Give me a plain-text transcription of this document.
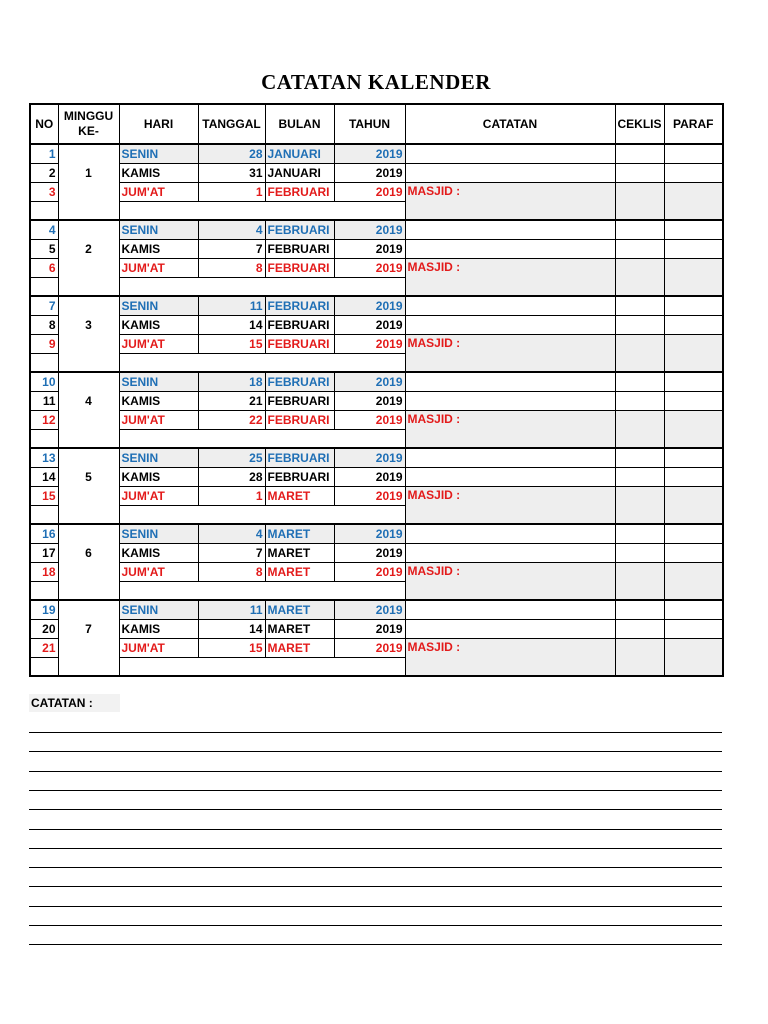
CATATAN KALENDER
NO	MINGGU KE-	HARI	TANGGAL	BULAN	TAHUN	CATATAN	CEKLIS	PARAF
1	1	SENIN	28	JANUARI	2019			
2		KAMIS	31	JANUARI	2019			
3		JUM'AT	1	FEBRUARI	2019	MASJID :		

4	2	SENIN	4	FEBRUARI	2019			
5		KAMIS	7	FEBRUARI	2019			
6		JUM'AT	8	FEBRUARI	2019	MASJID :		

7	3	SENIN	11	FEBRUARI	2019			
8		KAMIS	14	FEBRUARI	2019			
9		JUM'AT	15	FEBRUARI	2019	MASJID :		

10	4	SENIN	18	FEBRUARI	2019			
11		KAMIS	21	FEBRUARI	2019			
12		JUM'AT	22	FEBRUARI	2019	MASJID :		

13	5	SENIN	25	FEBRUARI	2019			
14		KAMIS	28	FEBRUARI	2019			
15		JUM'AT	1	MARET	2019	MASJID :		

16	6	SENIN	4	MARET	2019			
17		KAMIS	7	MARET	2019			
18		JUM'AT	8	MARET	2019	MASJID :		

19	7	SENIN	11	MARET	2019			
20		KAMIS	14	MARET	2019			
21		JUM'AT	15	MARET	2019	MASJID :		

CATATAN :
